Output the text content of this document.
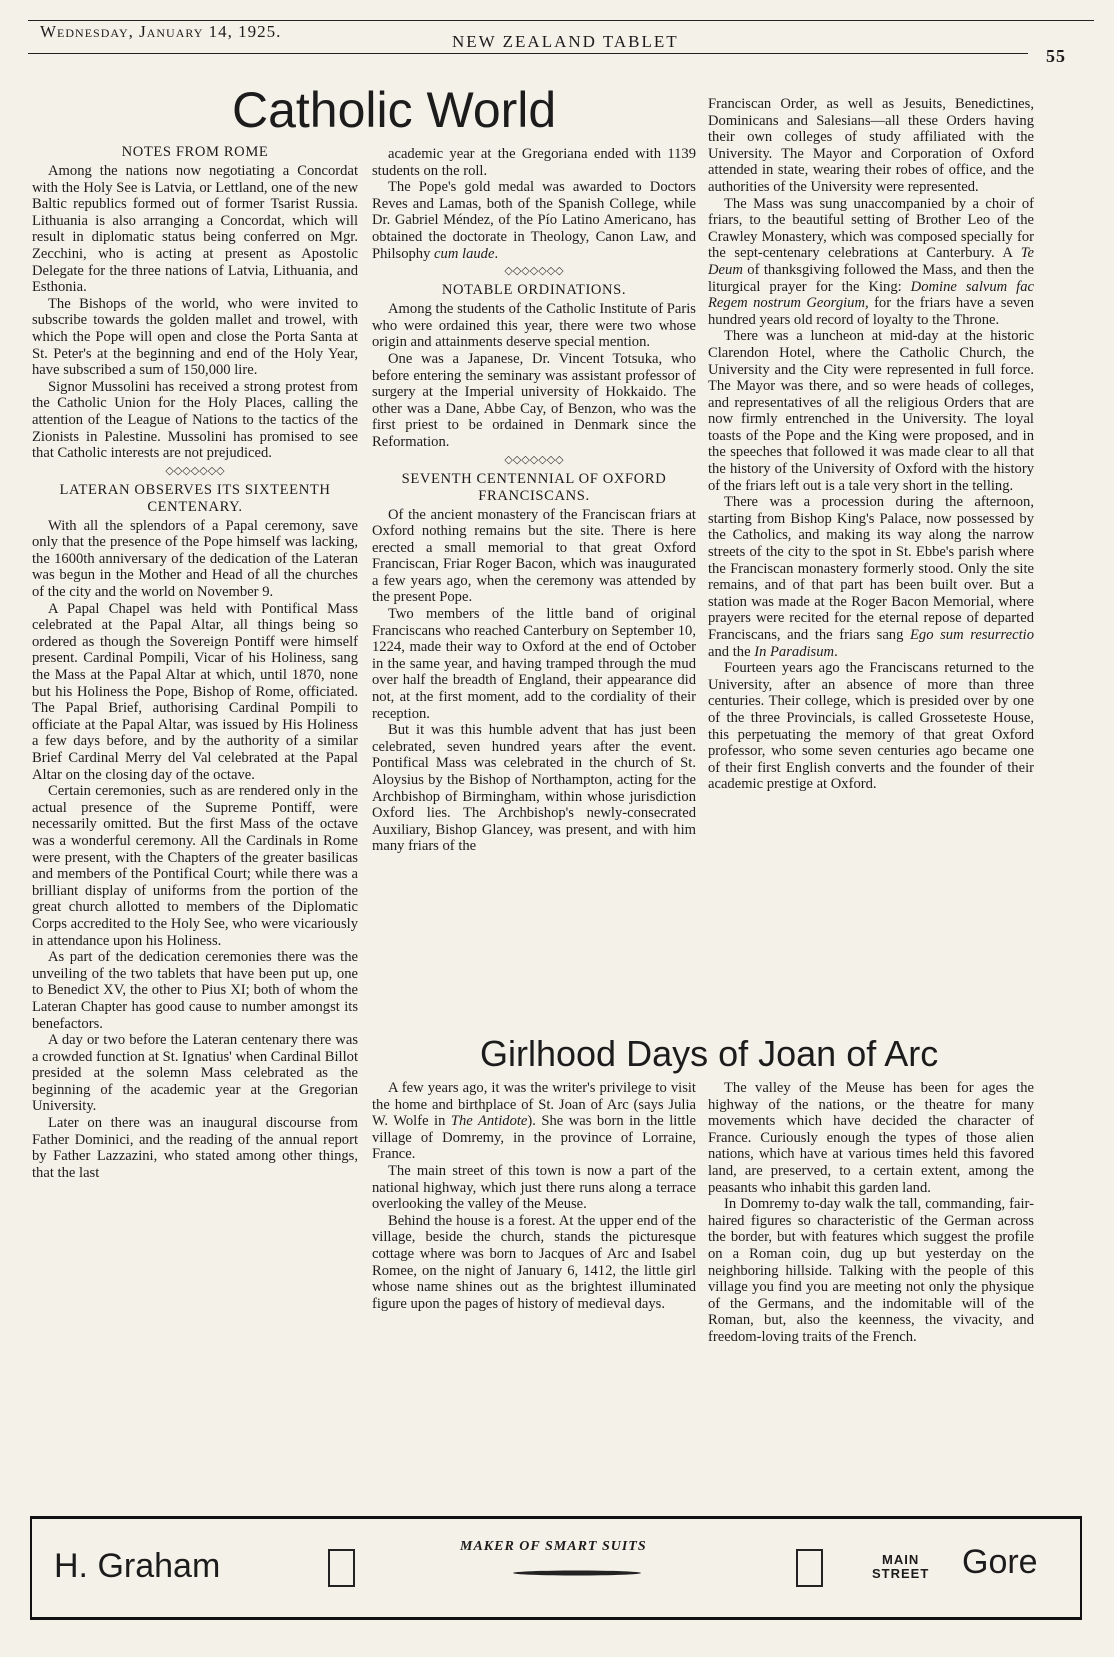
Wednesday, January 14, 1925.
NEW ZEALAND TABLET
55
Catholic World
NOTES FROM ROME

Among the nations now negotiating a Concordat with the Holy See is Latvia, or Lettland, one of the new Baltic republics formed out of former Tsarist Russia. Lithuania is also arranging a Concordat, which will result in diplomatic status being conferred on Mgr. Zecchini, who is acting at present as Apostolic Delegate for the three nations of Latvia, Lithuania, and Esthonia.

The Bishops of the world, who were invited to subscribe towards the golden mallet and trowel, with which the Pope will open and close the Porta Santa at St. Peter's at the beginning and end of the Holy Year, have subscribed a sum of 150,000 lire.

Signor Mussolini has received a strong protest from the Catholic Union for the Holy Places, calling the attention of the League of Nations to the tactics of the Zionists in Palestine. Mussolini has promised to see that Catholic interests are not prejudiced.

◇◇◇◇◇◇◇
LATERAN OBSERVES ITS SIXTEENTH CENTENARY.

With all the splendors of a Papal ceremony, save only that the presence of the Pope himself was lacking, the 1600th anniversary of the dedication of the Lateran was begun in the Mother and Head of all the churches of the city and the world on November 9.

A Papal Chapel was held with Pontifical Mass celebrated at the Papal Altar, all things being so ordered as though the Sovereign Pontiff were himself present. Cardinal Pompili, Vicar of his Holiness, sang the Mass at the Papal Altar at which, until 1870, none but his Holiness the Pope, Bishop of Rome, officiated. The Papal Brief, authorising Cardinal Pompili to officiate at the Papal Altar, was issued by His Holiness a few days before, and by the authority of a similar Brief Cardinal Merry del Val celebrated at the Papal Altar on the closing day of the octave.

Certain ceremonies, such as are rendered only in the actual presence of the Supreme Pontiff, were necessarily omitted. But the first Mass of the octave was a wonderful ceremony. All the Cardinals in Rome were present, with the Chapters of the greater basilicas and members of the Pontifical Court; while there was a brilliant display of uniforms from the portion of the great church allotted to members of the Diplomatic Corps accredited to the Holy See, who were vicariously in attendance upon his Holiness.

As part of the dedication ceremonies there was the unveiling of the two tablets that have been put up, one to Benedict XV, the other to Pius XI; both of whom the Lateran Chapter has good cause to number amongst its benefactors.

A day or two before the Lateran centenary there was a crowded function at St. Ignatius' when Cardinal Billot presided at the solemn Mass celebrated as the beginning of the academic year at the Gregorian University.

Later on there was an inaugural discourse from Father Dominici, and the reading of the annual report by Father Lazzazini, who stated among other things, that the last

academic year at the Gregoriana ended with 1139 students on the roll.

The Pope's gold medal was awarded to Doctors Reves and Lamas, both of the Spanish College, while Dr. Gabriel Méndez, of the Pío Latino Americano, has obtained the doctorate in Theology, Canon Law, and Philsophy cum laude.

◇◇◇◇◇◇◇
NOTABLE ORDINATIONS.

Among the students of the Catholic Institute of Paris who were ordained this year, there were two whose origin and attainments deserve special mention.

One was a Japanese, Dr. Vincent Totsuka, who before entering the seminary was assistant professor of surgery at the Imperial university of Hokkaido. The other was a Dane, Abbe Cay, of Benzon, who was the first priest to be ordained in Denmark since the Reformation.

◇◇◇◇◇◇◇
SEVENTH CENTENNIAL OF OXFORD FRANCISCANS.

Of the ancient monastery of the Franciscan friars at Oxford nothing remains but the site. There is here erected a small memorial to that great Oxford Franciscan, Friar Roger Bacon, which was inaugurated a few years ago, when the ceremony was attended by the present Pope.

Two members of the little band of original Franciscans who reached Canterbury on September 10, 1224, made their way to Oxford at the end of October in the same year, and having tramped through the mud over half the breadth of England, their appearance did not, at the first moment, add to the cordiality of their reception.

But it was this humble advent that has just been celebrated, seven hundred years after the event. Pontifical Mass was celebrated in the church of St. Aloysius by the Bishop of Northampton, acting for the Archbishop of Birmingham, within whose jurisdiction Oxford lies. The Archbishop's newly-consecrated Auxiliary, Bishop Glancey, was present, and with him many friars of the

Franciscan Order, as well as Jesuits, Benedictines, Dominicans and Salesians—all these Orders having their own colleges of study affiliated with the University. The Mayor and Corporation of Oxford attended in state, wearing their robes of office, and the authorities of the University were represented.

The Mass was sung unaccompanied by a choir of friars, to the beautiful setting of Brother Leo of the Crawley Monastery, which was composed specially for the sept-centenary celebrations at Canterbury. A Te Deum of thanksgiving followed the Mass, and then the liturgical prayer for the King: Domine salvum fac Regem nostrum Georgium, for the friars have a seven hundred years old record of loyalty to the Throne.

There was a luncheon at mid-day at the historic Clarendon Hotel, where the Catholic Church, the University and the City were represented in full force. The Mayor was there, and so were heads of colleges, and representatives of all the religious Orders that are now firmly entrenched in the University. The loyal toasts of the Pope and the King were proposed, and in the speeches that followed it was made clear to all that the history of the University of Oxford with the history of the friars left out is a tale very short in the telling.

There was a procession during the afternoon, starting from Bishop King's Palace, now possessed by the Catholics, and making its way along the narrow streets of the city to the spot in St. Ebbe's parish where the Franciscan monastery formerly stood. Only the site remains, and of that part has been built over. But a station was made at the Roger Bacon Memorial, where prayers were recited for the eternal repose of departed Franciscans, and the friars sang Ego sum resurrectio and the In Paradisum.

Fourteen years ago the Franciscans returned to the University, after an absence of more than three centuries. Their college, which is presided over by one of the three Provincials, is called Grosseteste House, this perpetuating the memory of that great Oxford professor, who some seven centuries ago became one of their first English converts and the founder of their academic prestige at Oxford.

Girlhood Days of Joan of Arc

A few years ago, it was the writer's privilege to visit the home and birthplace of St. Joan of Arc (says Julia W. Wolfe in The Antidote). She was born in the little village of Domremy, in the province of Lorraine, France.

The main street of this town is now a part of the national highway, which just there runs along a terrace overlooking the valley of the Meuse.

Behind the house is a forest. At the upper end of the village, beside the church, stands the picturesque cottage where was born to Jacques of Arc and Isabel Romee, on the night of January 6, 1412, the little girl whose name shines out as the brightest illuminated figure upon the pages of history of medieval days.

The valley of the Meuse has been for ages the highway of the nations, or the theatre for many movements which have decided the character of France. Curiously enough the types of those alien nations, which have at various times held this favored land, are preserved, to a certain extent, among the peasants who inhabit this garden land.

In Domremy to-day walk the tall, commanding, fair-haired figures so characteristic of the German across the border, but with features which suggest the profile on a Roman coin, dug up but yesterday on the neighboring hillside. Talking with the people of this village you find you are meeting not only the physique of the Germans, and the indomitable will of the Roman, but, also the keenness, the vivacity, and freedom-loving traits of the French.

H. Graham
MAKER OF SMART SUITS
MAIN
STREET Gore
